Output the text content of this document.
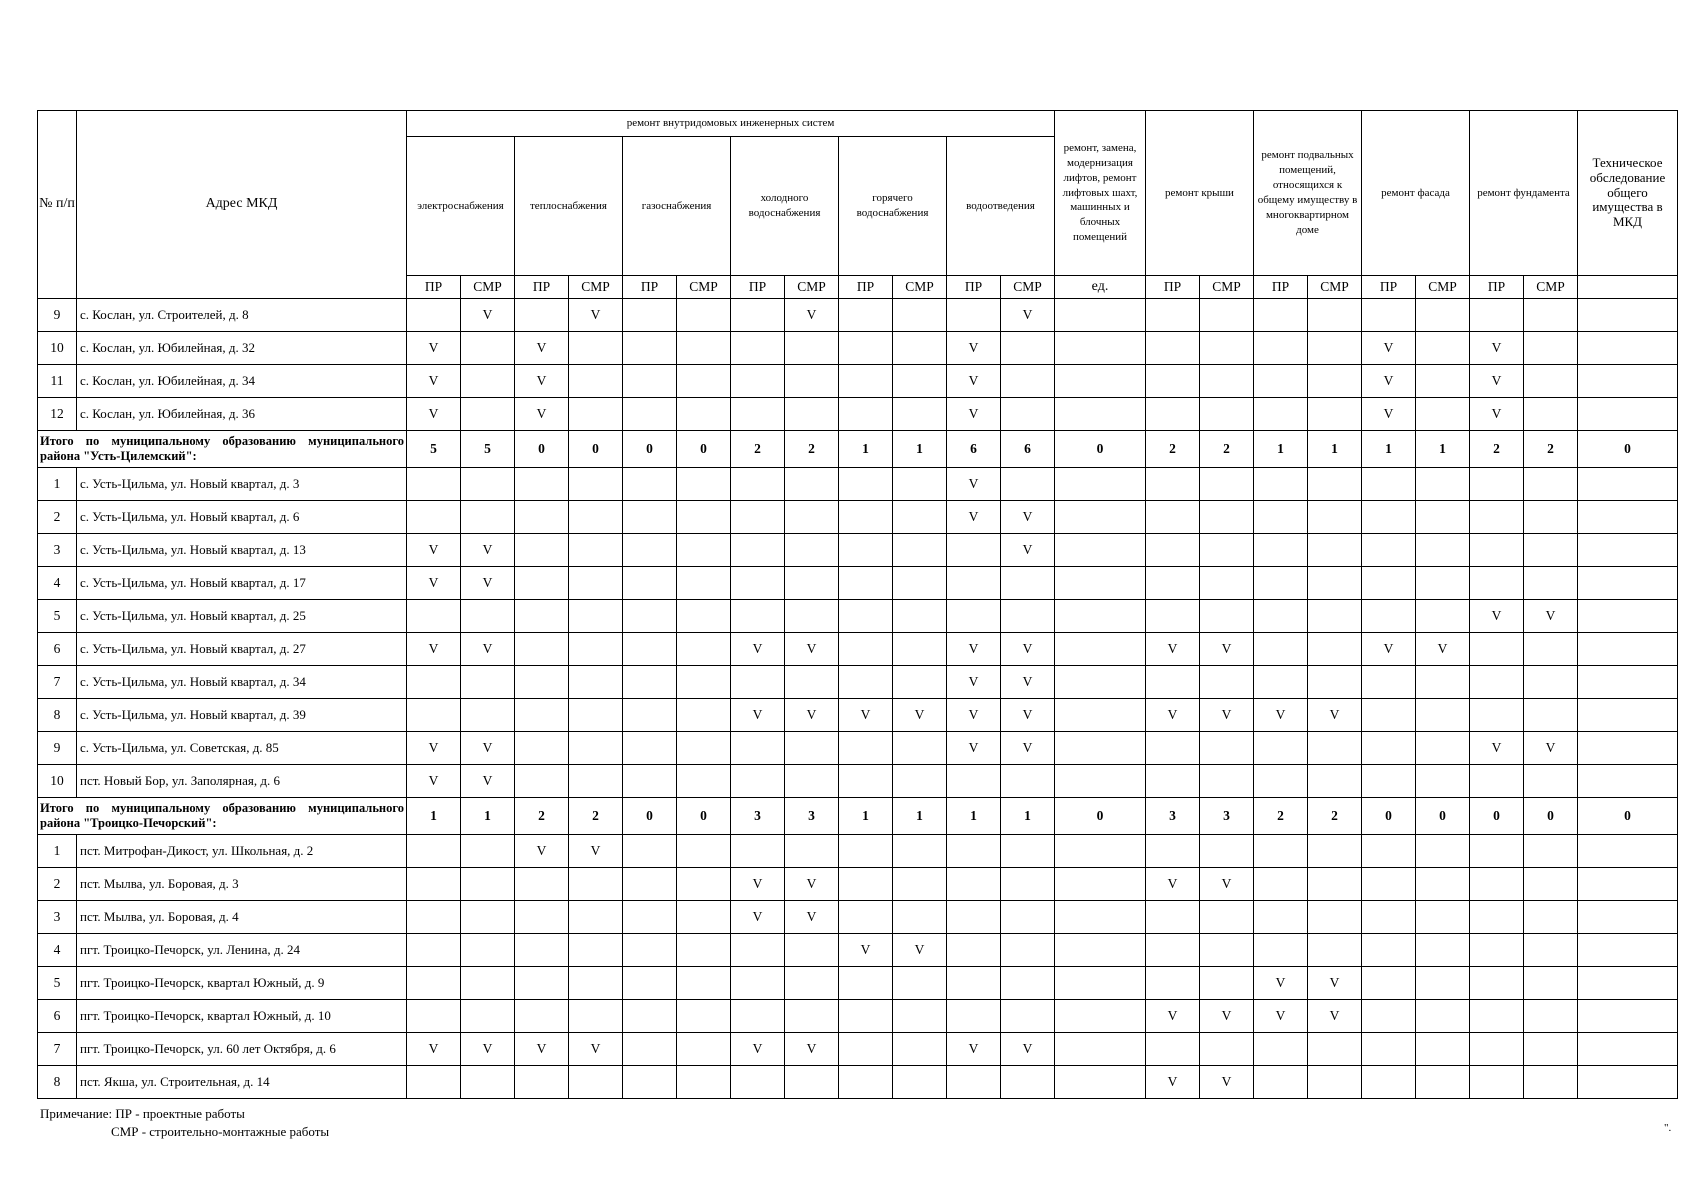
№ п/п	Адрес МКД	ремонт внутридомовых инженерных систем												ремонт, замена, модернизация лифтов, ремонт лифтовых шахт, машинных и блочных помещений	ремонт крыши		ремонт подвальных помещений, относящихся к общему имуществу в многоквартирном доме		ремонт фасада		ремонт фундамента		Техническое обследование общего имущества в МКД
		электроснабжения		теплоснабжения		газоснабжения		холодного водоснабжения		горячего водоснабжения		водоотведения											
		ПР	СМР	ПР	СМР	ПР	СМР	ПР	СМР	ПР	СМР	ПР	СМР	ед.	ПР	СМР	ПР	СМР	ПР	СМР	ПР	СМР	
9	с. Кослан, ул. Строителей, д. 8		V		V				V				V										
10	с. Кослан, ул. Юбилейная, д. 32	V		V								V							V		V		
11	с. Кослан, ул. Юбилейная, д. 34	V		V								V							V		V		
12	с. Кослан, ул. Юбилейная, д. 36	V		V								V							V		V		
Итого по муниципальному образованию муниципального района "Усть-Цилемский":		5	5	0	0	0	0	2	2	1	1	6	6	0	2	2	1	1	1	1	2	2	0
1	с. Усть-Цильма, ул. Новый квартал, д. 3											V											
2	с. Усть-Цильма, ул. Новый квартал, д. 6											V	V										
3	с. Усть-Цильма, ул. Новый квартал, д. 13	V	V										V										
4	с. Усть-Цильма, ул. Новый квартал, д. 17	V	V																				
5	с. Усть-Цильма, ул. Новый квартал, д. 25																				V	V	
6	с. Усть-Цильма, ул. Новый квартал, д. 27	V	V					V	V			V	V		V	V			V	V			
7	с. Усть-Цильма, ул. Новый квартал, д. 34											V	V										
8	с. Усть-Цильма, ул. Новый квартал, д. 39							V	V	V	V	V	V		V	V	V	V					
9	с. Усть-Цильма, ул. Советская, д. 85	V	V									V	V								V	V	
10	пст. Новый Бор, ул. Заполярная, д. 6	V	V																				
Итого по муниципальному образованию муниципального района "Троицко-Печорский":		1	1	2	2	0	0	3	3	1	1	1	1	0	3	3	2	2	0	0	0	0	0
1	пст. Митрофан-Дикост, ул. Школьная, д. 2			V	V																		
2	пст. Мылва, ул. Боровая, д. 3							V	V						V	V							
3	пст. Мылва, ул. Боровая, д. 4							V	V														
4	пгт. Троицко-Печорск, ул. Ленина, д. 24									V	V												
5	пгт. Троицко-Печорск, квартал Южный, д. 9																V	V					
6	пгт. Троицко-Печорск, квартал Южный, д. 10														V	V	V	V					
7	пгт. Троицко-Печорск, ул. 60 лет Октября, д. 6	V	V	V	V			V	V			V	V										
8	пст. Якша, ул. Строительная, д. 14														V	V							
Примечание: ПР - проектные работы
СМР - строительно-монтажные работы	".
